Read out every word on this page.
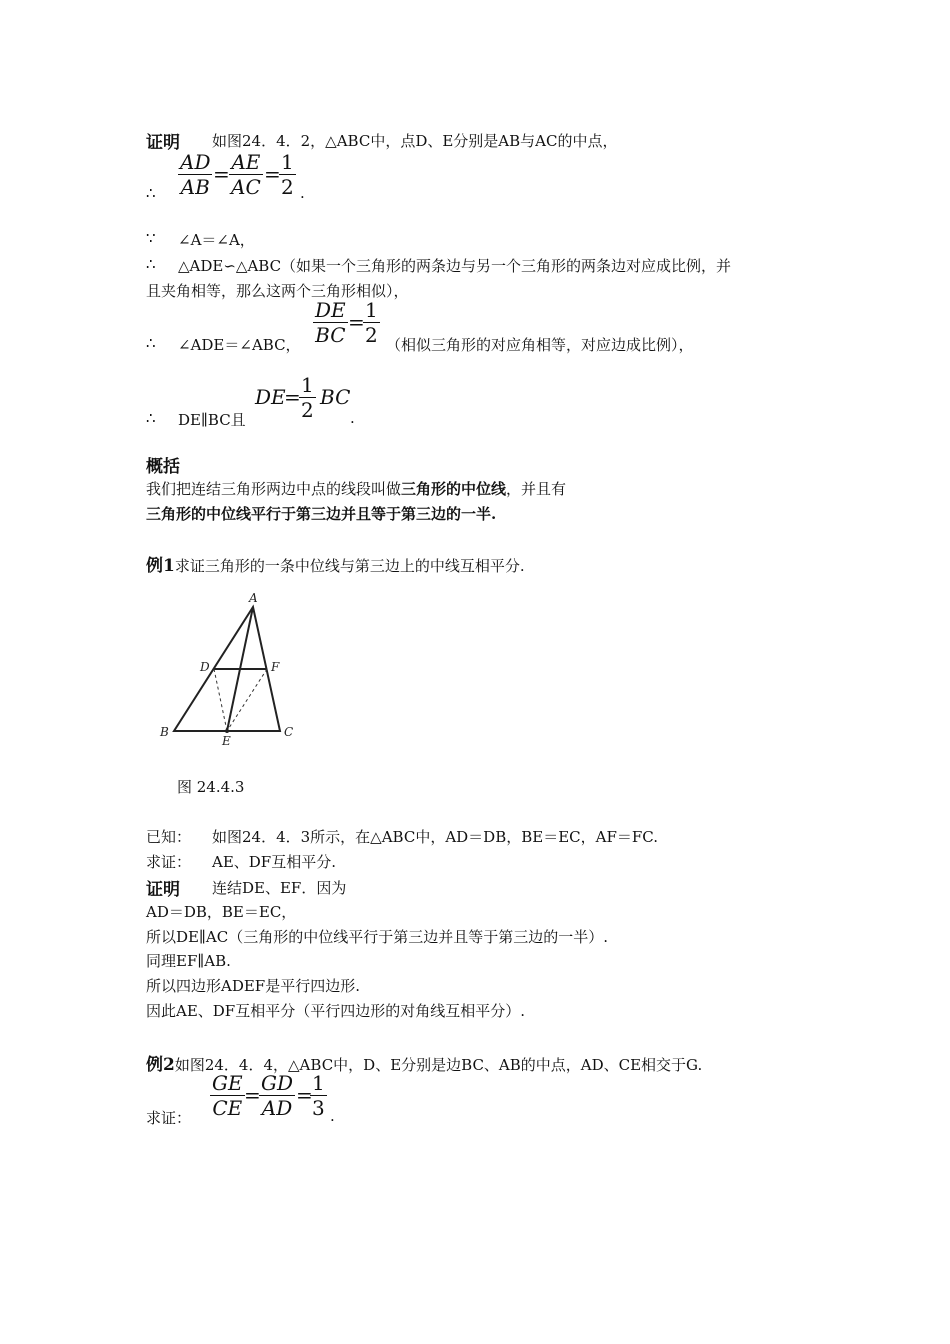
证明 如图24．4．2，△ABC中，点D、E分别是AB与AC的中点，
∴ $\frac{AD}{AB} = \frac{AE}{AC}$ =
$\frac{1}{2}$ .
∵ ∠A＝∠A，
∴ △ADE∽△ABC（如果一个三角形的两条边与另一个三角形的两条边对应成比例，并
且夹角相等，那么这两个三角形相似），
∴ ∠ADE＝∠ABC， $\frac{DE}{BC}$ =
$\frac{1}{2}$ （相似三角形的对应角相等，对应边成比例），
∴ DE∥BC且
DE
=
$\frac{1}{2}$ BC
.
概括
我们把连结三角形两边中点的线段叫做三角形的中位线，并且有
三角形的中位线平行于第三边并且等于第三边的一半.
例1求证三角形的一条中位线与第三边上的中线互相平分.
A
B	C
D
E
F
图 24.4.3
已知： 如图24．4．3所示，在△ABC中，AD＝DB，BE＝EC，AF＝FC.
求证： AE、DF互相平分.
证明 连结DE、EF．因为
AD＝DB，BE＝EC，
所以DE∥AC（三角形的中位线平行于第三边并且等于第三边的一半）.
同理EF∥AB.
所以四边形ADEF是平行四边形.
因此AE、DF互相平分（平行四边形的对角线互相平分）.
例2如图24．4．4，△ABC中，D、E分别是边BC、AB的中点，AD、CE相交于G.
求证： $\frac{GE}{CE}$ =
$\frac{GD}{AD}$ =
$\frac{1}{3}$ .
